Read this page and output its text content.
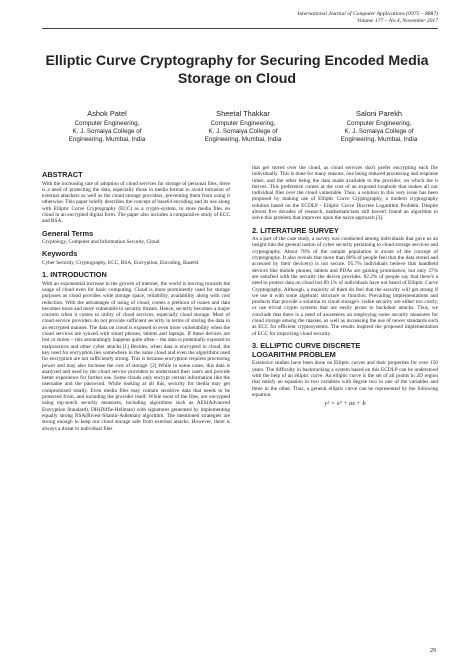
International Journal of Computer Applications (0975 – 8887)
Volume 177 – No.4, November 2017
Elliptic Curve Cryptography for Securing Encoded Media
Storage on Cloud
Ashok Patel
Computer Engineering,
K. J. Somaiya College of
Engineering, Mumbai, India
Sheetal Thakkar
Computer Engineering,
K. J. Somaiya College of
Engineering, Mumbai, India
Saloni Parekh
Computer Engineering,
K. J. Somaiya College of
Engineering, Mumbai, India
ABSTRACT

With the increasing rate of adoption of cloud services for storage of personal files, there is a need of protecting the data, especially those in media format to avoid intrusion of external attackers as well as the cloud storage providers, preventing them from using it otherwise. This paper briefly describes the concept of base64 encoding and its use along with Elliptic Curve Cryptography (ECC) as a crypto-system, to store media files on cloud in an encrypted digital form. The paper also includes a comparative study of ECC and RSA.

General Terms

Cryptology, Computer and Information Security, Cloud

Keywords

Cyber Security, Cryptography, ECC, RSA, Encryption, Encoding, Base64

1. INTRODUCTION

With an exponential increase in the growth of internet, the world is moving towards the usage of cloud even for basic computing. Cloud is more prominently used for storage purposes as cloud provides wide storage space, reliability, availability along with cost reduction. With the advantages of using of cloud, comes a plethora of issues and data becomes more and more vulnerable to security threats. Hence, security becomes a major concern when it comes to utility of cloud services, especially cloud storage. Most of cloud service providers do not provide sufficient security in terms of storing the data in an encrypted manner. The data on cloud is exposed to even more vulnerability when the cloud services are synced with smart phones, tablets and laptops. If these devices are lost or stolen – this astoundingly happens quite often – the data is potentially exposed to malpractices and other cyber attacks.[1] Besides, when data is encrypted in cloud, the key used for encryption lies somewhere in the same cloud and even the algorithms used for encryption are not sufficiently strong. This is because encryption requires processing power and may also increase the cost of storage. [2] While in some cases, this data is analyzed and used by the cloud service providers to understand their users and provide better experience for further use. Some clouds only encrypt certain information like the username and the password. While looking at all this, security for media may get compromised totally. Even media files may contain sensitive data that needs to be protected from, and including the provider itself. While most of the files, are encrypted using top-notch security measures, including algorithms such as AES(Advanced Encryption Standard), DH(Diffie-Hellman) with signatures generated by implementing equally strong RSA(Rivest-Shamir-Adleman) algorithm. The mentioned strategies are strong enough to keep our cloud storage safe from external attacks. However, there is always a threat to individual files

that get stored over the cloud, as cloud services don't prefer encrypting each file individually. This is done for many reasons, one being reduced processing and response times, and the other being the data made available to the provider, on which the it thrives. This preference comes at the cost of an exposed loophole that makes all our individual files over the cloud vulnerable. Thus, a solution to this very issue has been proposed by making use of Elliptic Curve Cryptography, a modern cryptography solution based on the ECDLP - Elliptic Curve Discrete Logarithm Problem. Despite almost five decades of research, mathematicians still haven't found an algorithm to solve this problem that improves upon the naive approach [3].

2. LITERATURE SURVEY

As a part of the case study, a survey was conducted among individuals that gave us an insight into the general notion of cyber security pertaining to cloud storage services and cryptography. About 78% of the sample population is aware of the concept of cryptography. It also reveals that more than 80% of people feel that the data stored and accessed by their device(s) is not secure. 95.7% individuals believe that handheld devices like mobile phones, tablets and PDAs are gaining prominence, but only 37% are satisfied with the security the device provides. 82.2% of people say that there's a need to protect data on cloud but 89.1% of individuals have not heard of Elliptic Curve Cryptography. Although, a majority of them do feel that the security will get strong if we use it with some algebraic structure or function. Prevailing implementations and products that provide a solution to cloud storage's viable security are either too costly, or use trivial crypto systems that are easily prone to backdoor attacks. Thus, we conclude that there is a need of awareness on employing some security measures for cloud storage among the masses, as well as increasing the use of newer standards such as ECC for efficient cryptosystems. The results inspired the proposed implementation of ECC for improving cloud security.

3. ELLIPTIC CURVE DISCRETE
LOGARITHM PROBLEM

Extensive studies have been done on Elliptic curves and their properties for over 150 years. The difficulty in backtracking a system based on this ECDLP can be understood with the help of an elliptic curve. An elliptic curve is the set of all points in 2D region that satisfy an equation in two variables with degree two in one of the variables and three in the other. Thus, a general elliptic curve can be represented by the following equation:

y² = x³ + ax + b
29
